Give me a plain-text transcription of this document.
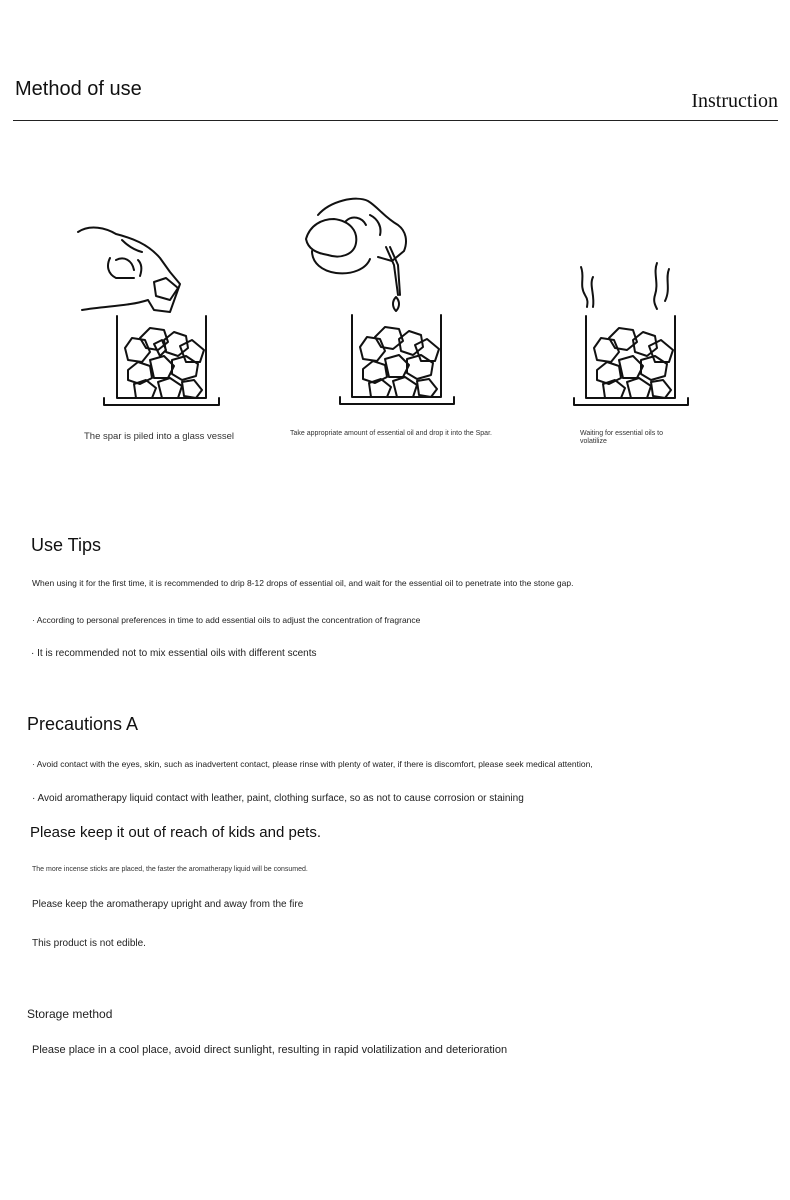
Method of use
Instruction
The spar is piled into a glass vessel	Take appropriate amount of essential oil and drop it into the Spar.	Waiting for essential oils to volatilize
Use Tips
When using it for the first time, it is recommended to drip 8-12 drops of essential oil, and wait for the essential oil to penetrate into the stone gap.
· According to personal preferences in time to add essential oils to adjust the concentration of fragrance
· It is recommended not to mix essential oils with different scents
Precautions A
· Avoid contact with the eyes, skin, such as inadvertent contact, please rinse with plenty of water, if there is discomfort, please seek medical attention,
· Avoid aromatherapy liquid contact with leather, paint, clothing surface, so as not to cause corrosion or staining
Please keep it out of reach of kids and pets.
The more incense sticks are placed, the faster the aromatherapy liquid will be consumed.
Please keep the aromatherapy upright and away from the fire
This product is not edible.
Storage method
Please place in a cool place, avoid direct sunlight, resulting in rapid volatilization and deterioration
